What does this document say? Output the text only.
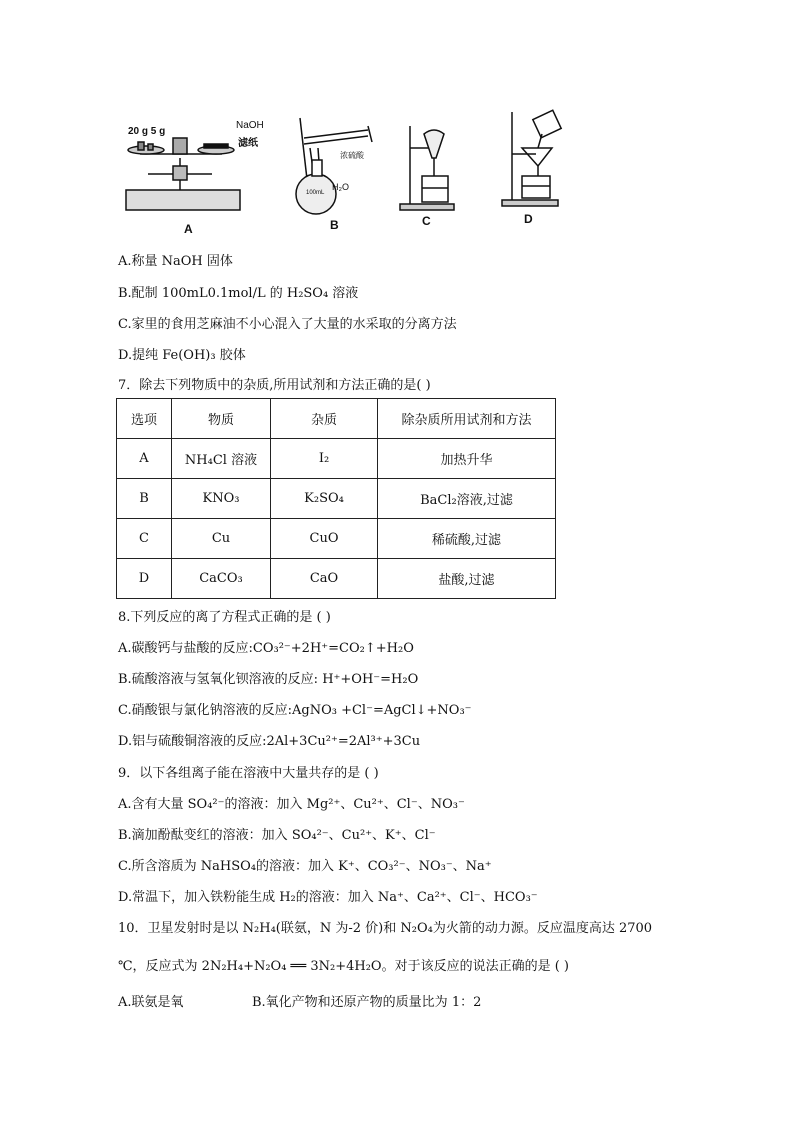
20 g 5 g
NaOH
滤纸
浓硫酸
H₂O
100mL
A	B	C	D
A.称量 NaOH 固体
B.配制 100mL0.1mol/L 的 H₂SO₄ 溶液
C.家里的食用芝麻油不小心混入了大量的水采取的分离方法
D.提纯 Fe(OH)₃ 胶体
7．除去下列物质中的杂质,所用试剂和方法正确的是( )
选项	物质	杂质	除杂质所用试剂和方法
A	NH₄Cl 溶液	I₂	加热升华
B	KNO₃	K₂SO₄	BaCl₂溶液,过滤
C	Cu	CuO	稀硫酸,过滤
D	CaCO₃	CaO	盐酸,过滤
8.下列反应的离了方程式正确的是 ( )
A.碳酸钙与盐酸的反应:CO₃²⁻+2H⁺=CO₂↑+H₂O
B.硫酸溶液与氢氧化钡溶液的反应: H⁺+OH⁻=H₂O
C.硝酸银与氯化钠溶液的反应:AgNO₃ +Cl⁻=AgCl↓+NO₃⁻
D.铝与硫酸铜溶液的反应:2Al+3Cu²⁺=2Al³⁺+3Cu
9．以下各组离子能在溶液中大量共存的是 ( )
A.含有大量 SO₄²⁻的溶液：加入 Mg²⁺、Cu²⁺、Cl⁻、NO₃⁻
B.滴加酚酞变红的溶液：加入 SO₄²⁻、Cu²⁺、K⁺、Cl⁻
C.所含溶质为 NaHSO₄的溶液：加入 K⁺、CO₃²⁻、NO₃⁻、Na⁺
D.常温下，加入铁粉能生成 H₂的溶液：加入 Na⁺、Ca²⁺、Cl⁻、HCO₃⁻
10．卫星发射时是以 N₂H₄(联氨，N 为-2 价)和 N₂O₄为火箭的动力源。反应温度高达 2700
℃，反应式为 2N₂H₄+N₂O₄ ══ 3N₂+4H₂O。对于该反应的说法正确的是 ( )
A.联氨是氧	B.氧化产物和还原产物的质量比为 1：2
